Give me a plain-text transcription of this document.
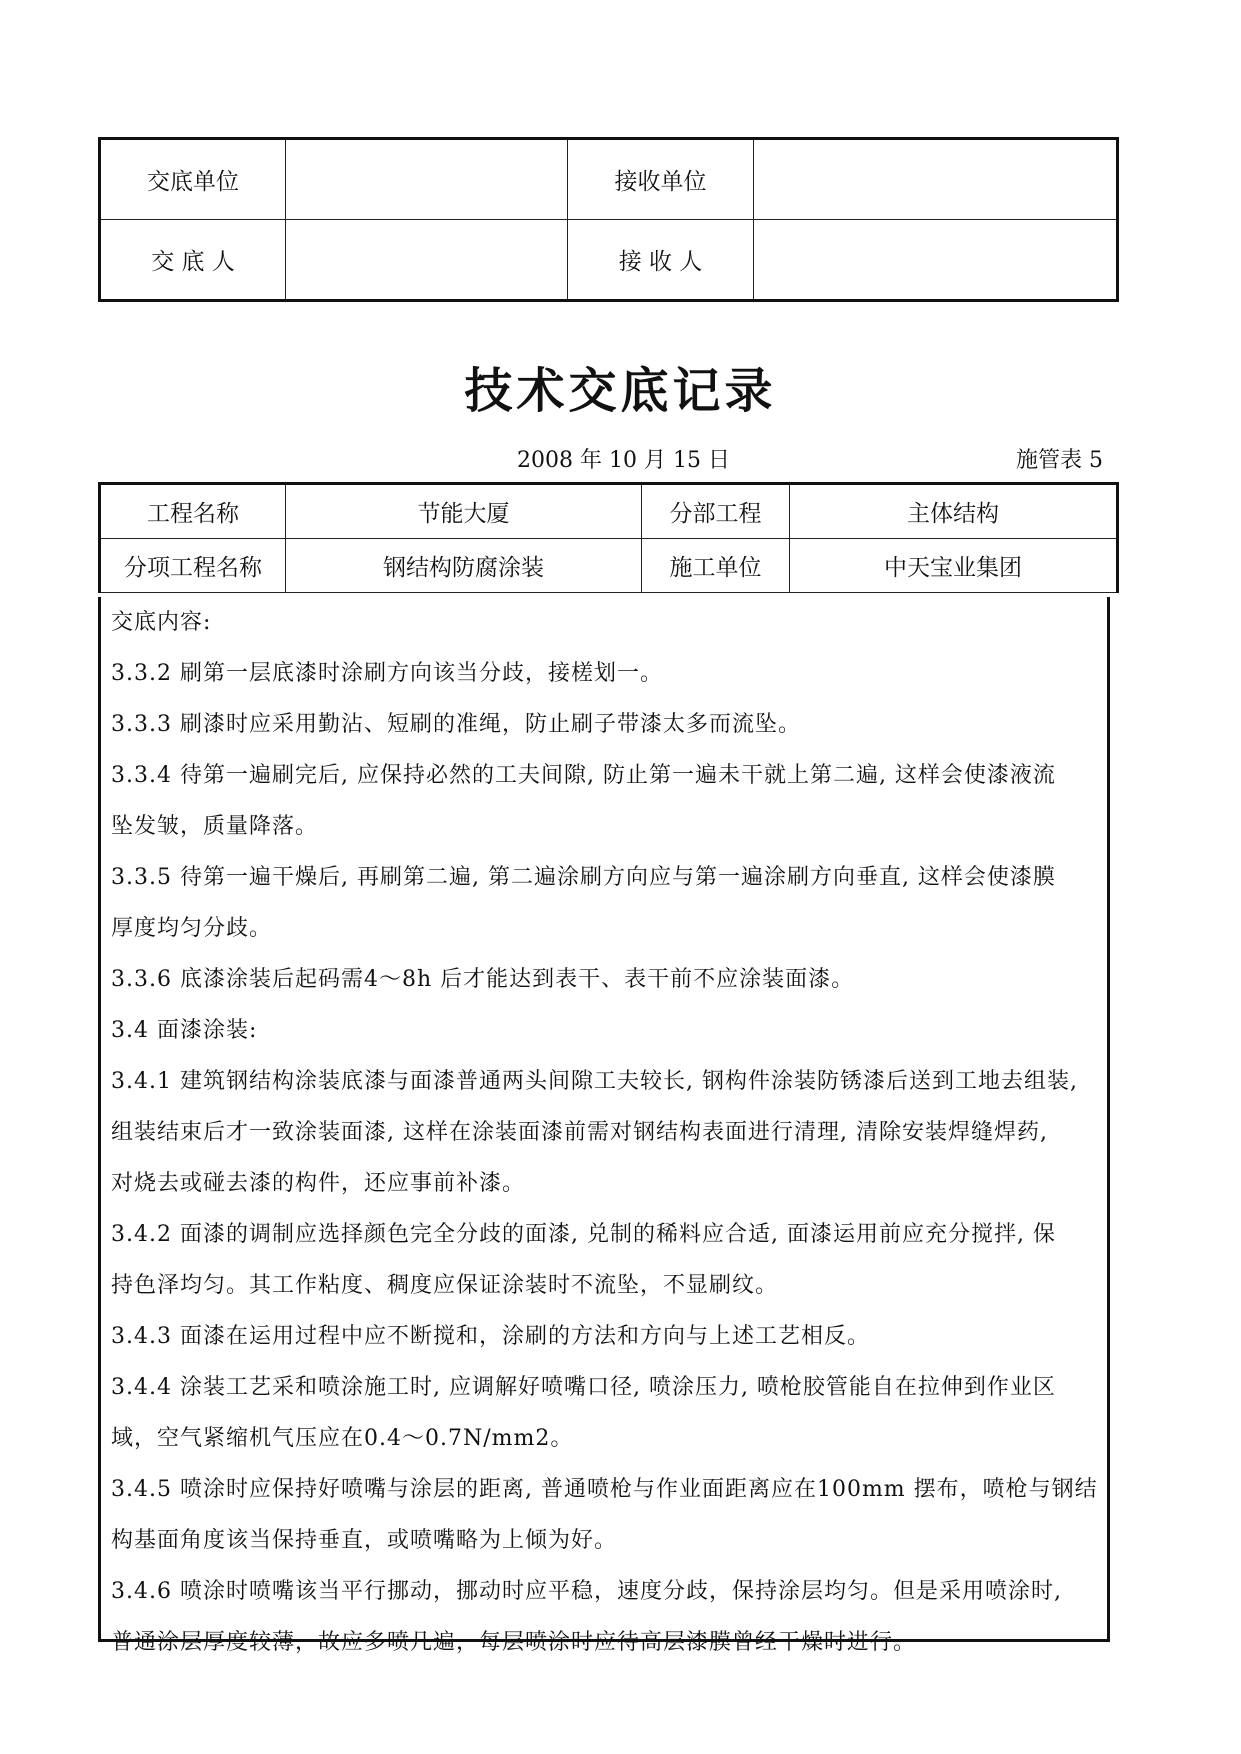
交底单位		接收单位	
交 底 人		接 收 人	
技术交底记录
2008 年 10 月 15 日	施管表 5
工程名称	节能大厦	分部工程	主体结构
分项工程名称	钢结构防腐涂装	施工单位	中天宝业集团

交底内容:

3.3.2 刷第一层底漆时涂刷方向该当分歧，接槎划一。

3.3.3 刷漆时应采用勤沾、短刷的准绳，防止刷子带漆太多而流坠。

3.3.4 待第一遍刷完后, 应保持必然的工夫间隙, 防止第一遍未干就上第二遍, 这样会使漆液流

坠发皱，质量降落。

3.3.5 待第一遍干燥后, 再刷第二遍, 第二遍涂刷方向应与第一遍涂刷方向垂直, 这样会使漆膜

厚度均匀分歧。

3.3.6 底漆涂装后起码需4～8h 后才能达到表干、表干前不应涂装面漆。

3.4 面漆涂装:

3.4.1 建筑钢结构涂装底漆与面漆普通两头间隙工夫较长, 钢构件涂装防锈漆后送到工地去组装,

组装结束后才一致涂装面漆, 这样在涂装面漆前需对钢结构表面进行清理, 清除安装焊缝焊药,

对烧去或碰去漆的构件，还应事前补漆。

3.4.2 面漆的调制应选择颜色完全分歧的面漆, 兑制的稀料应合适, 面漆运用前应充分搅拌, 保

持色泽均匀。其工作粘度、稠度应保证涂装时不流坠，不显刷纹。

3.4.3 面漆在运用过程中应不断搅和，涂刷的方法和方向与上述工艺相反。

3.4.4 涂装工艺采和喷涂施工时, 应调解好喷嘴口径, 喷涂压力, 喷枪胶管能自在拉伸到作业区

域，空气紧缩机气压应在0.4～0.7N/mm2。

3.4.5 喷涂时应保持好喷嘴与涂层的距离, 普通喷枪与作业面距离应在100mm 摆布，喷枪与钢结

构基面角度该当保持垂直，或喷嘴略为上倾为好。

3.4.6 喷涂时喷嘴该当平行挪动，挪动时应平稳，速度分歧，保持涂层均匀。但是采用喷涂时,

普通涂层厚度较薄，故应多喷几遍，每层喷涂时应待高层漆膜曾经干燥时进行。
